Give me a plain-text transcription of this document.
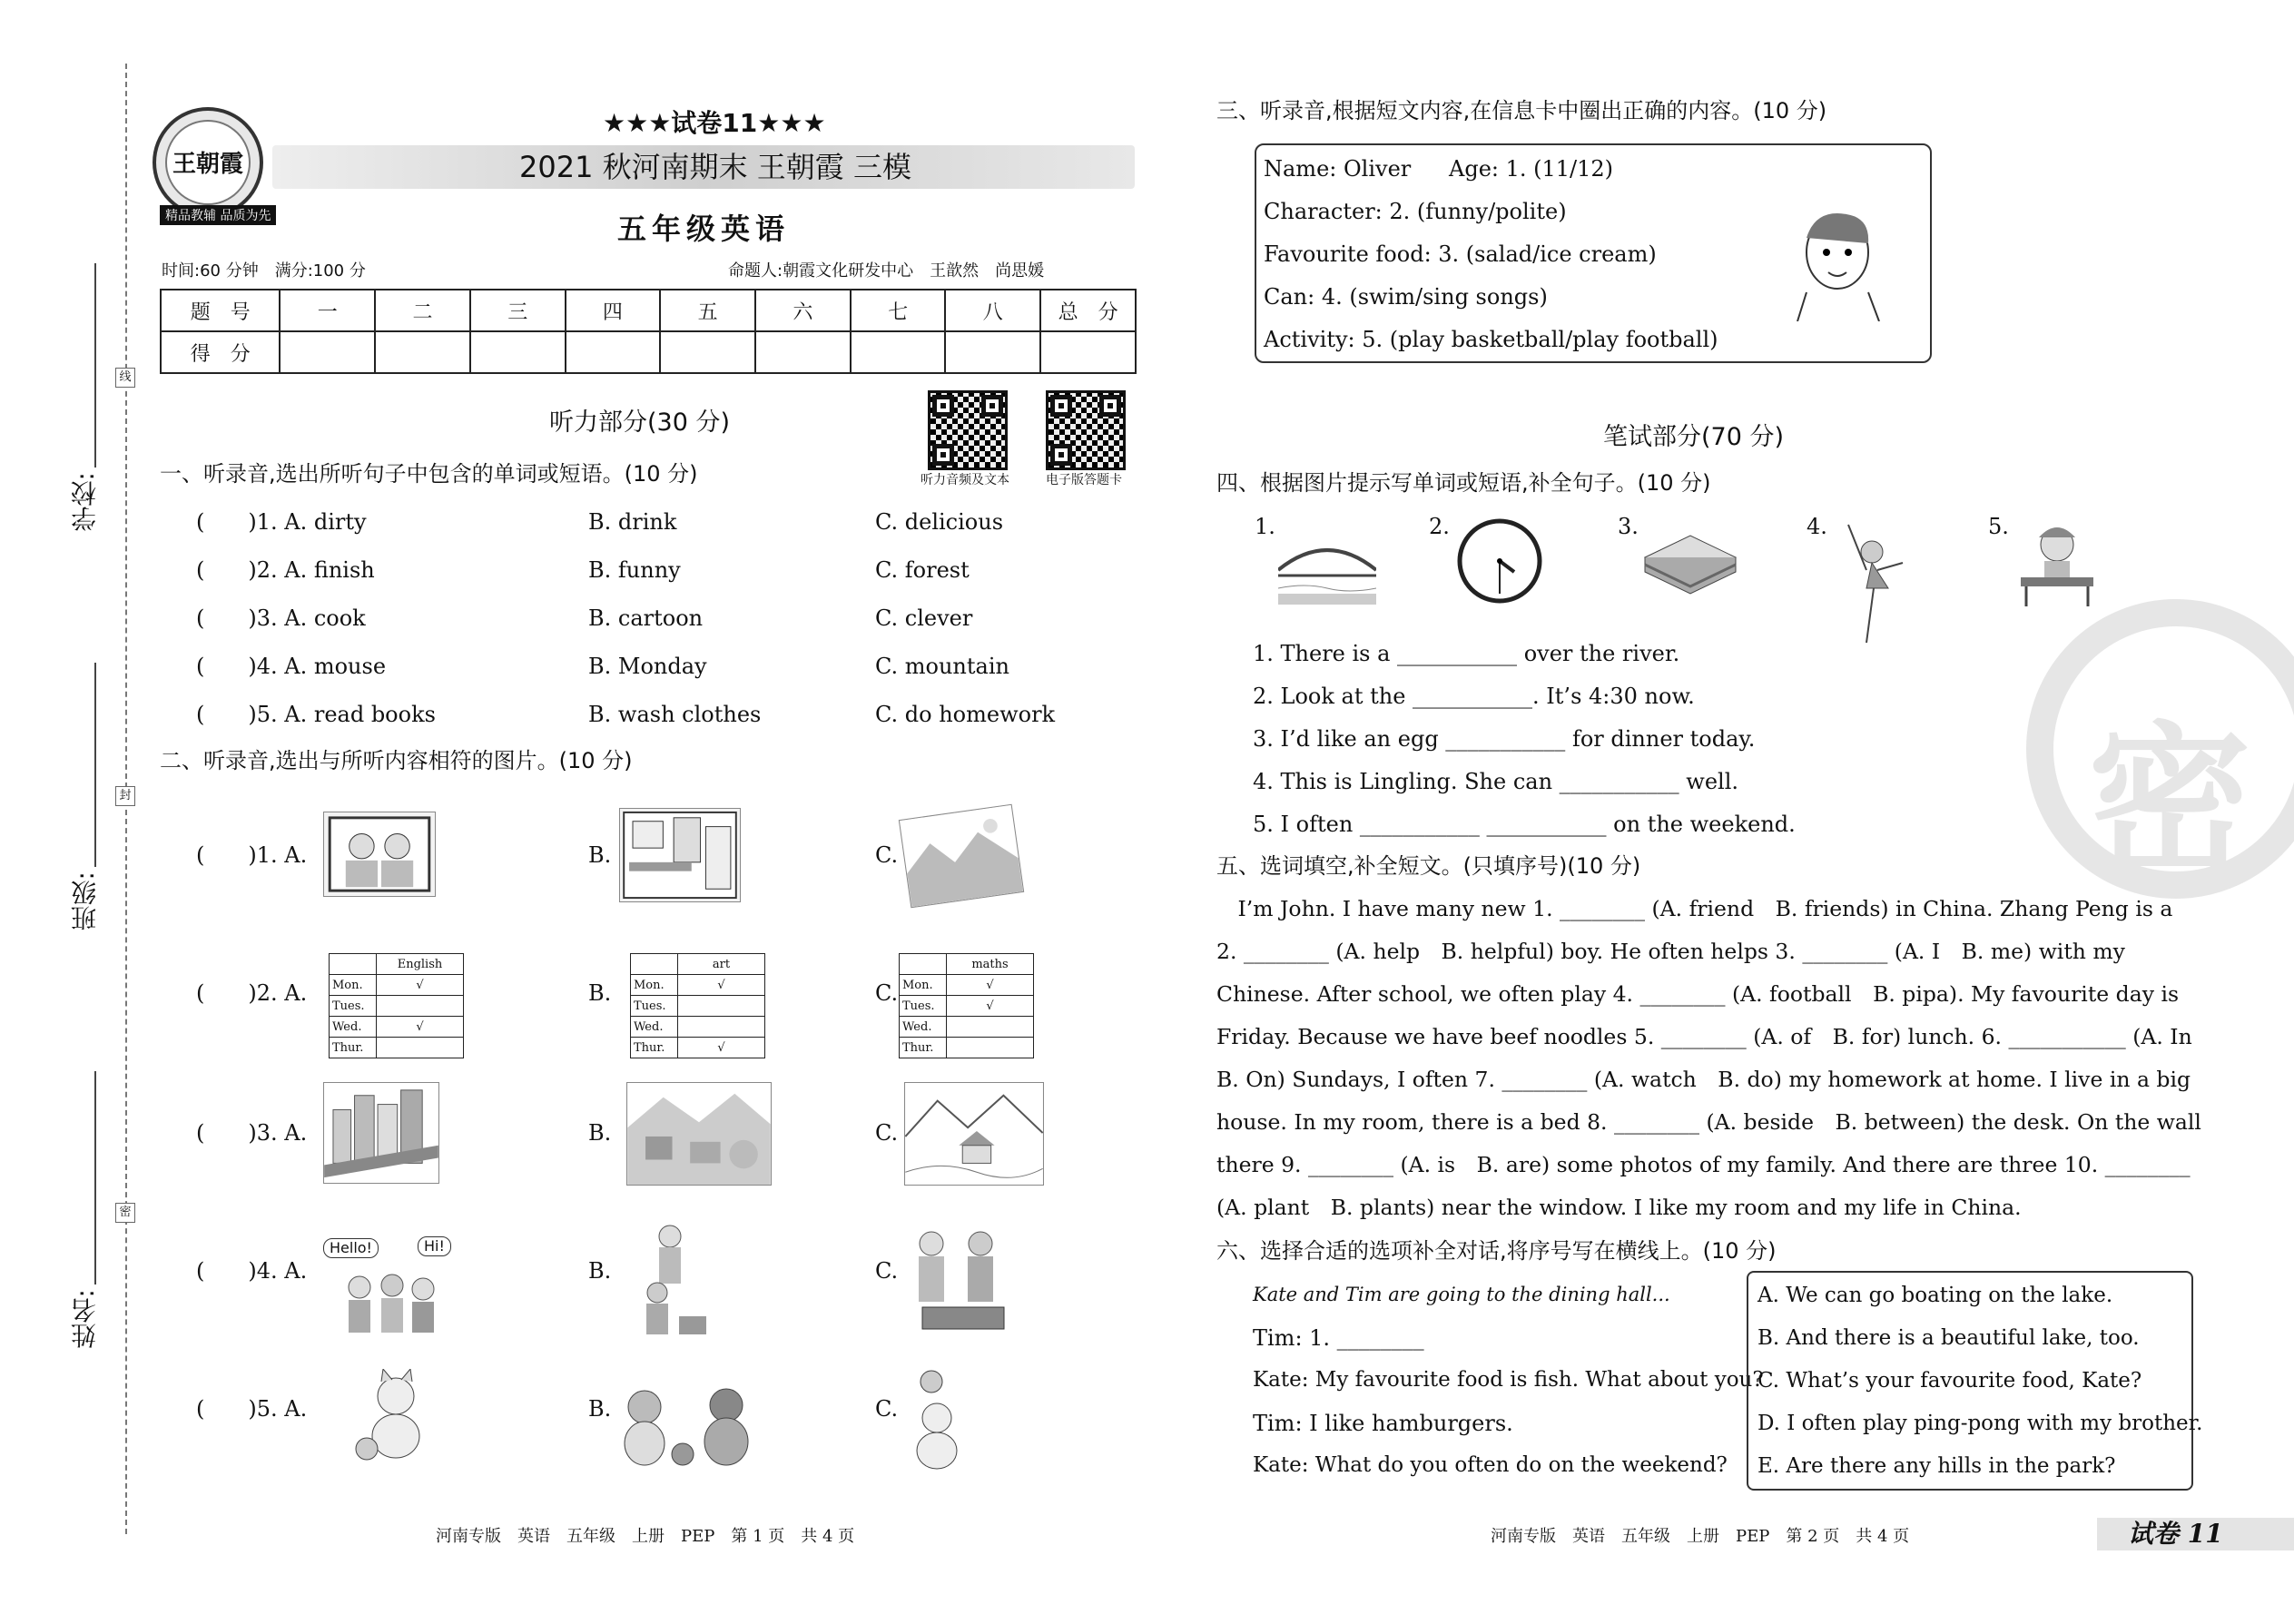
学校:
班级:
姓名:
线
封
密
王朝霞
精品教辅 品质为先
★★★试卷11★★★
2021 秋河南期末 王朝霞 三模
五年级英语
时间:60 分钟　满分:100 分	命题人:朝霞文化研发中心　王歆然　尚思媛
题　号	一	二	三	四	五	六	七	八	总　分
得　分									
听力部分(30 分)
听力音频及文本	电子版答题卡
一、听录音,选出所听句子中包含的单词或短语。(10 分)
(　　)1. A. dirty	B. drink	C. delicious
(　　)2. A. finish	B. funny	C. forest
(　　)3. A. cook	B. cartoon	C. clever
(　　)4. A. mouse	B. Monday	C. mountain
(　　)5. A. read books	B. wash clothes	C. do homework
二、听录音,选出与所听内容相符的图片。(10 分)
(　　)1. A.	B.	C.
(　　)2. A.
	English
Mon.	√
Tues.	
Wed.	√
Thur.	
B.
	art
Mon.	√
Tues.	
Wed.	
Thur.	√
C.
	maths
Mon.	√
Tues.	√
Wed.	
Thur.	
(　　)3. A.	B.	C.
(　　)4. A.
Hello!	Hi!
B.	C.
(　　)5. A.	B.	C.
河南专版　英语　五年级　上册　PEP　第 1 页　共 4 页
三、听录音,根据短文内容,在信息卡中圈出正确的内容。(10 分)
Name: Oliver Age: 1. (11/12)
Character: 2. (funny/polite)
Favourite food: 3. (salad/ice cream)
Can: 4. (swim/sing songs)
Activity: 5. (play basketball/play football)
笔试部分(70 分)
四、根据图片提示写单词或短语,补全句子。(10 分)
1.	2.	3.	4.	5.
1. There is a ___________ over the river.
2. Look at the ___________. It’s 4:30 now.
3. I’d like an egg ___________ for dinner today.
4. This is Lingling. She can ___________ well.
5. I often ___________ ___________ on the weekend.
五、选词填空,补全短文。(只填序号)(10 分)
　I’m John. I have many new 1. ________ (A. friend　B. friends) in China. Zhang Peng is a
2. ________ (A. help　B. helpful) boy. He often helps 3. ________ (A. I　B. me) with my
Chinese. After school, we often play 4. ________ (A. football　B. pipa). My favourite day is
Friday. Because we have beef noodles 5. ________ (A. of　B. for) lunch. 6. ___________ (A. In
B. On) Sundays, I often 7. ________ (A. watch　B. do) my homework at home. I live in a big
house. In my room, there is a bed 8. ________ (A. beside　B. between) the desk. On the wall
there 9. ________ (A. is　B. are) some photos of my family. And there are three 10. ________
(A. plant　B. plants) near the window. I like my room and my life in China.
六、选择合适的选项补全对话,将序号写在横线上。(10 分)
Kate and Tim are going to the dining hall...
Tim: 1. ________
Kate: My favourite food is fish. What about you?
Tim: I like hamburgers.
Kate: What do you often do on the weekend?
A. We can go boating on the lake.
B. And there is a beautiful lake, too.
C. What’s your favourite food, Kate?
D. I often play ping-pong with my brother.
E. Are there any hills in the park?
密
河南专版　英语　五年级　上册　PEP　第 2 页　共 4 页	试卷 11
